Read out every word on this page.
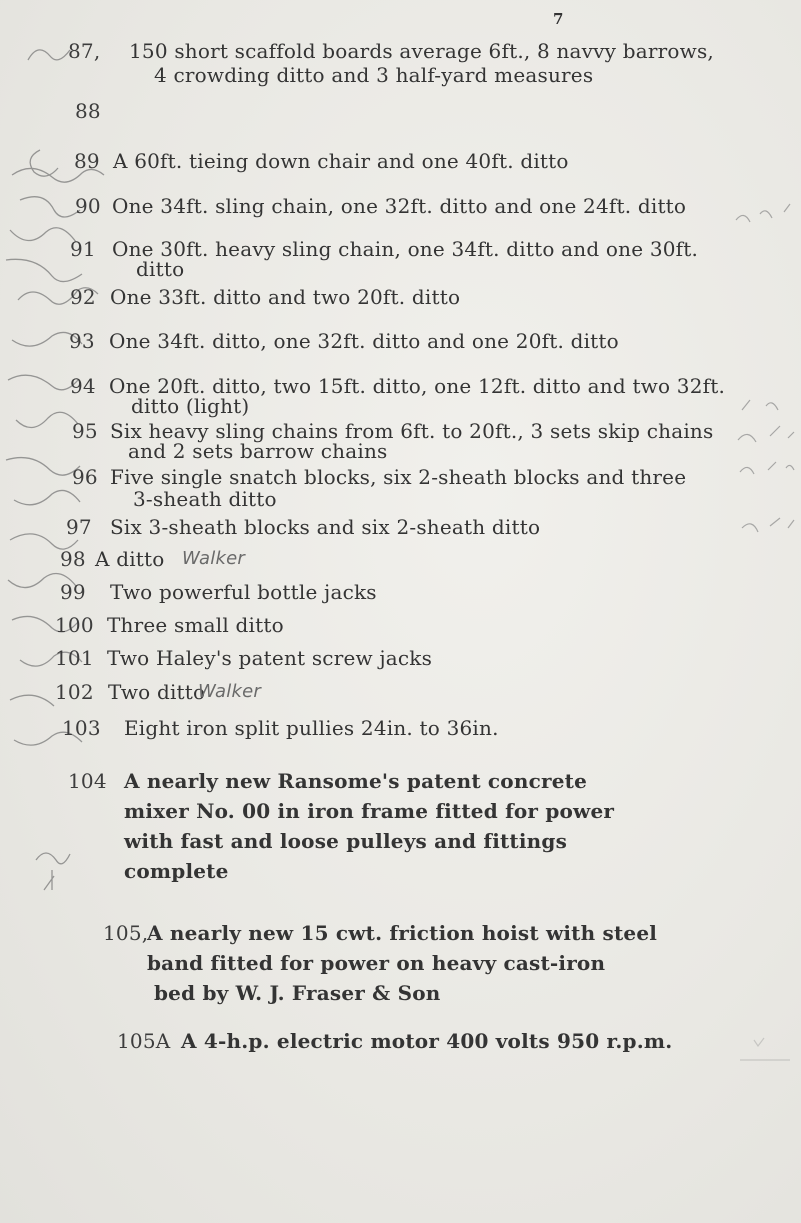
7
87, 150 short scaffold boards average 6ft., 8 navvy barrows,
4 crowding ditto and 3 half-yard measures
88
89 A 60ft. tieing down chair and one 40ft. ditto
90 One 34ft. sling chain, one 32ft. ditto and one 24ft. ditto
91 One 30ft. heavy sling chain, one 34ft. ditto and one 30ft.
ditto
92 One 33ft. ditto and two 20ft. ditto
93 One 34ft. ditto, one 32ft. ditto and one 20ft. ditto
94 One 20ft. ditto, two 15ft. ditto, one 12ft. ditto and two 32ft.
ditto (light)
95 Six heavy sling chains from 6ft. to 20ft., 3 sets skip chains
and 2 sets barrow chains
96 Five single snatch blocks, six 2-sheath blocks and three
3-sheath ditto
97 Six 3-sheath blocks and six 2-sheath ditto
98 A ditto Walker
99 Two powerful bottle jacks
100 Three small ditto
101 Two Haley's patent screw jacks
102 Two ditto
Walker
103 Eight iron split pullies 24in. to 36in.
104 A nearly new Ransome's patent concrete
mixer No. 00 in iron frame fitted for power
with fast and loose pulleys and fittings
complete
105,
A nearly new 15 cwt. friction hoist with steel
band fitted for power on heavy cast-iron
bed by W. J. Fraser & Son
105A A 4-h.p. electric motor 400 volts 950 r.p.m.
